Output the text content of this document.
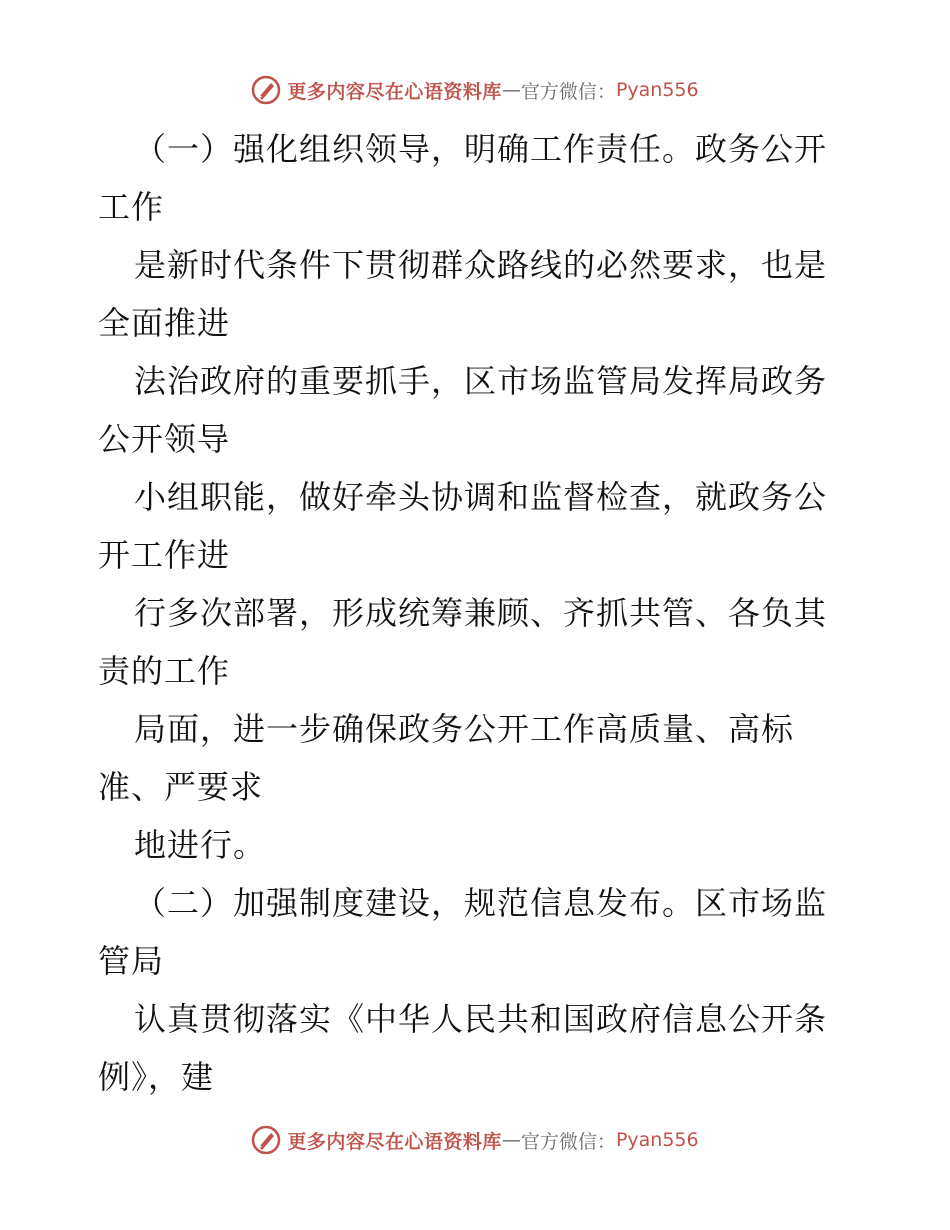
更多内容尽在心语资料库 — 官方微信： Pyan556
（一）强化组织领导，明确工作责任。政务公开
工作
是新时代条件下贯彻群众路线的必然要求，也是
全面推进
法治政府的重要抓手，区市场监管局发挥局政务
公开领导
小组职能，做好牵头协调和监督检查，就政务公
开工作进
行多次部署，形成统筹兼顾、齐抓共管、各负其
责的工作
局面，进一步确保政务公开工作高质量、高标
准、严要求
地进行。
（二）加强制度建设，规范信息发布。区市场监
管局
认真贯彻落实《中华人民共和国政府信息公开条
例》，建
更多内容尽在心语资料库 — 官方微信： Pyan556
